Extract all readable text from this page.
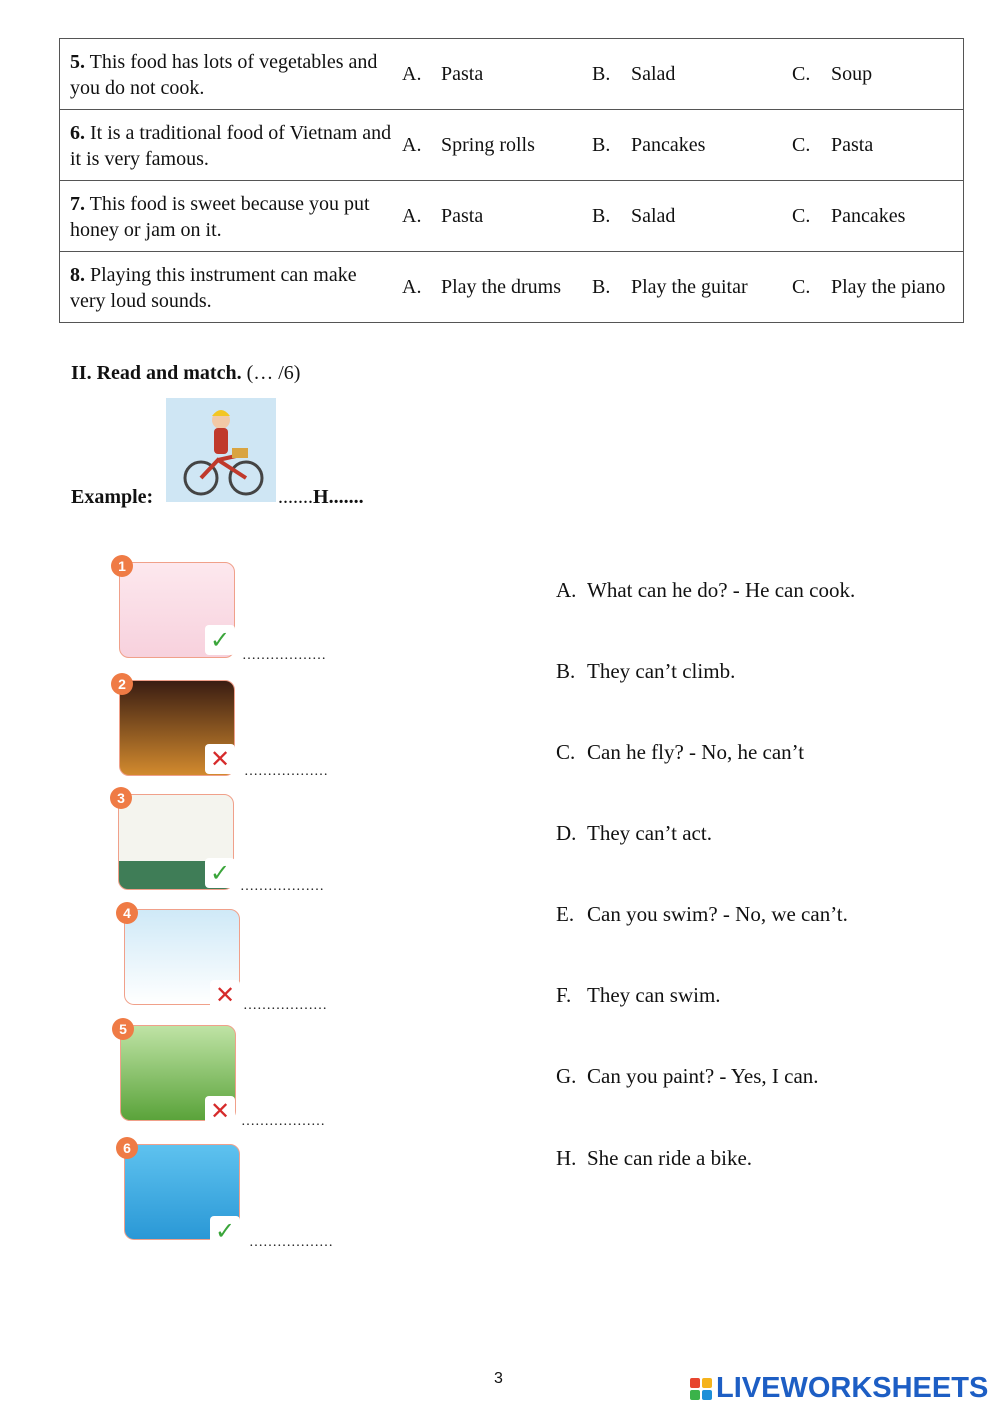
5. This food has lots of vegetables and you do not cook.	A. Pasta	B. Salad	C. Soup

6. It is a traditional food of Vietnam and it is very famous.	A. Spring rolls	B. Pancakes	C. Pasta

7. This food is sweet because you put honey or jam on it.	A. Pasta	B. Salad	C. Pancakes

8. Playing this instrument can make very loud sounds.	A. Play the drums	B. Play the guitar	C. Play the piano
II. Read and match. (… /6)
Example:	.......H.......
1
✓
………………
2
✕ ………………
3
✓ ………………
4
✕ ………………
5
✕ ………………
6
✓ ………………
A. What can he do? - He can cook.
B. They can’t climb.
C. Can he fly? - No, he can’t
D. They can’t act.
E. Can you swim? - No, we can’t.
F. They can swim.
G. Can you paint? - Yes, I can.
H. She can ride a bike.
3	LIVEWORKSHEETS
